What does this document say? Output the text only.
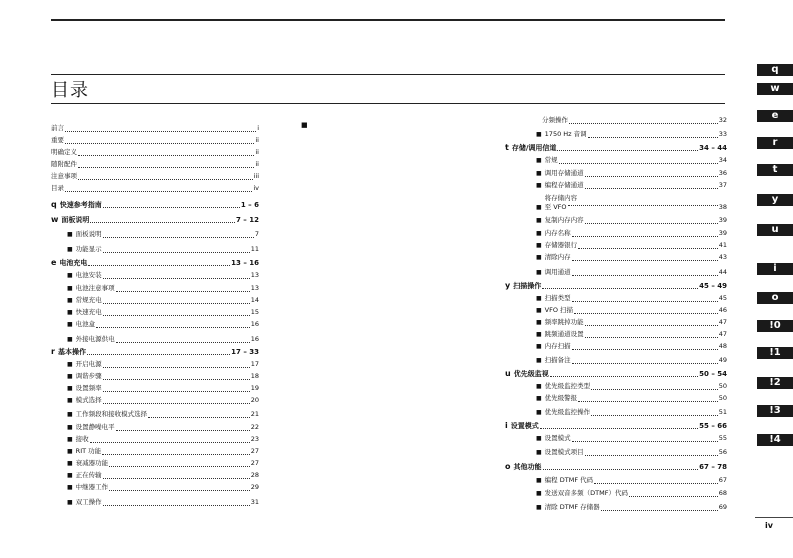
目录
■
前言	i
重要	ii
明确定义	ii
随附配件	ii
注意事项	iii
目录	iv
q 快速参考指南	1 – 6
w 面板说明	7 – 12
■ 面板说明	7
■ 功能显示	11
e 电池充电	13 – 16
■ 电池安装	13
■ 电池注意事项	13
■ 常规充电	14
■ 快速充电	15
■ 电池盒	16
■ 外接电源供电	16
r 基本操作	17 – 33
■ 开启电源	17
■ 调谐步骤	18
■ 设置频率	19
■ 模式选择	20
■ 工作频段和接收模式选择	21
■ 设置静噪电平	22
■ 接收	23
■ RIT 功能	27
■ 衰减器功能	27
■ 正在传输	28
■ 中继器工作	29
■ 双工操作	31
分频操作	32
■ 1750 Hz 音调	33
t 存储/调用信道	34 – 44
■ 常规	34
■ 调用存储通道	36
■ 编程存储通道	37
■
将存储内容
至 VFO	38
■ 复制内存内容	39
■ 内存名称	39
■ 存储器银行	41
■ 清除内存	43
■ 调用通道	44
y 扫描操作	45 – 49
■ 扫描类型	45
■ VFO 扫描	46
■ 频率跳掉功能	47
■ 跳频通道设置	47
■ 内存扫描	48
■ 扫描备注	49
u 优先级监视	50 – 54
■ 优先级监控类型	50
■ 优先级警报	50
■ 优先级监控操作	51
i 设置模式	55 – 66
■ 设置模式	55
■ 设置模式项目	56
o 其他功能	67 – 78
■ 编程 DTMF 代码	67
■ 发送双音多频（DTMF）代码	68
■ 清除 DTMF 存储器	69
q
w
e
r
t
y
u
i
o
!0
!1
!2
!3
!4
iv
